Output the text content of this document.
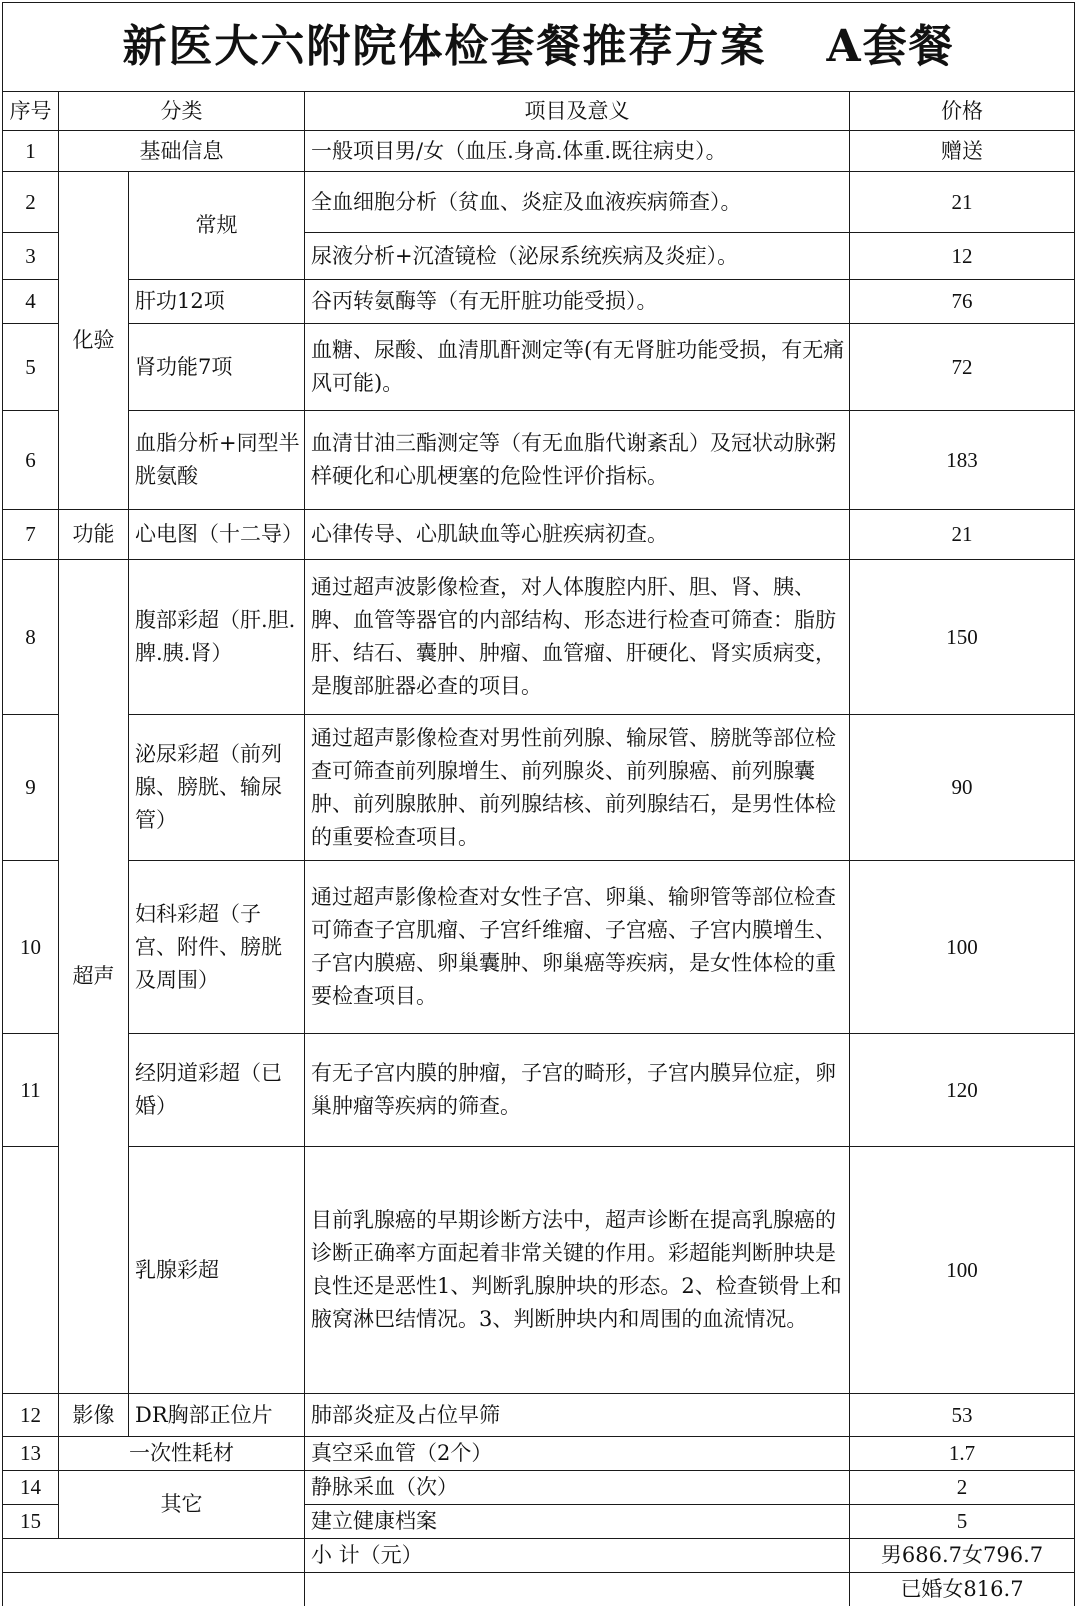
新医大六附院体检套餐推荐方案 A套餐				
序号	分类		项目及意义	价格
1	基础信息		一般项目男/女（血压.身高.体重.既往病史）。	赠送
2	化验	常规	全血细胞分析（贫血、炎症及血液疾病筛查）。	21
3			尿液分析+沉渣镜检（泌尿系统疾病及炎症）。	12
4		肝功12项	谷丙转氨酶等（有无肝脏功能受损）。	76
5		肾功能7项	血糖、尿酸、血清肌酐测定等(有无肾脏功能受损，有无痛风可能)。	72
6		血脂分析+同型半胱氨酸	血清甘油三酯测定等（有无血脂代谢紊乱）及冠状动脉粥样硬化和心肌梗塞的危险性评价指标。	183
7	功能	心电图（十二导）	心律传导、心肌缺血等心脏疾病初查。	21
8	超声	腹部彩超（肝.胆.脾.胰.肾）	通过超声波影像检查，对人体腹腔内肝、胆、肾、胰、脾、血管等器官的内部结构、形态进行检查可筛查：脂肪肝、结石、囊肿、肿瘤、血管瘤、肝硬化、肾实质病变，是腹部脏器必查的项目。	150
9		泌尿彩超（前列腺、膀胱、输尿管）	通过超声影像检查对男性前列腺、输尿管、膀胱等部位检查可筛查前列腺增生、前列腺炎、前列腺癌、前列腺囊肿、前列腺脓肿、前列腺结核、前列腺结石，是男性体检的重要检查项目。	90
10		妇科彩超（子宫、附件、膀胱及周围）	通过超声影像检查对女性子宫、卵巢、输卵管等部位检查可筛查子宫肌瘤、子宫纤维瘤、子宫癌、子宫内膜增生、子宫内膜癌、卵巢囊肿、卵巢癌等疾病，是女性体检的重要检查项目。	100
11		经阴道彩超（已婚）	有无子宫内膜的肿瘤，子宫的畸形，子宫内膜异位症，卵巢肿瘤等疾病的筛查。	120
		乳腺彩超	目前乳腺癌的早期诊断方法中，超声诊断在提高乳腺癌的诊断正确率方面起着非常关键的作用。彩超能判断肿块是良性还是恶性1、判断乳腺肿块的形态。2、检查锁骨上和腋窝淋巴结情况。3、判断肿块内和周围的血流情况。	100
12	影像	DR胸部正位片	肺部炎症及占位早筛	53
13	一次性耗材		真空采血管（2个）	1.7
14	其它		静脉采血（次）	2
15			建立健康档案	5
			小 计（元）	男686.7女796.7
				已婚女816.7
